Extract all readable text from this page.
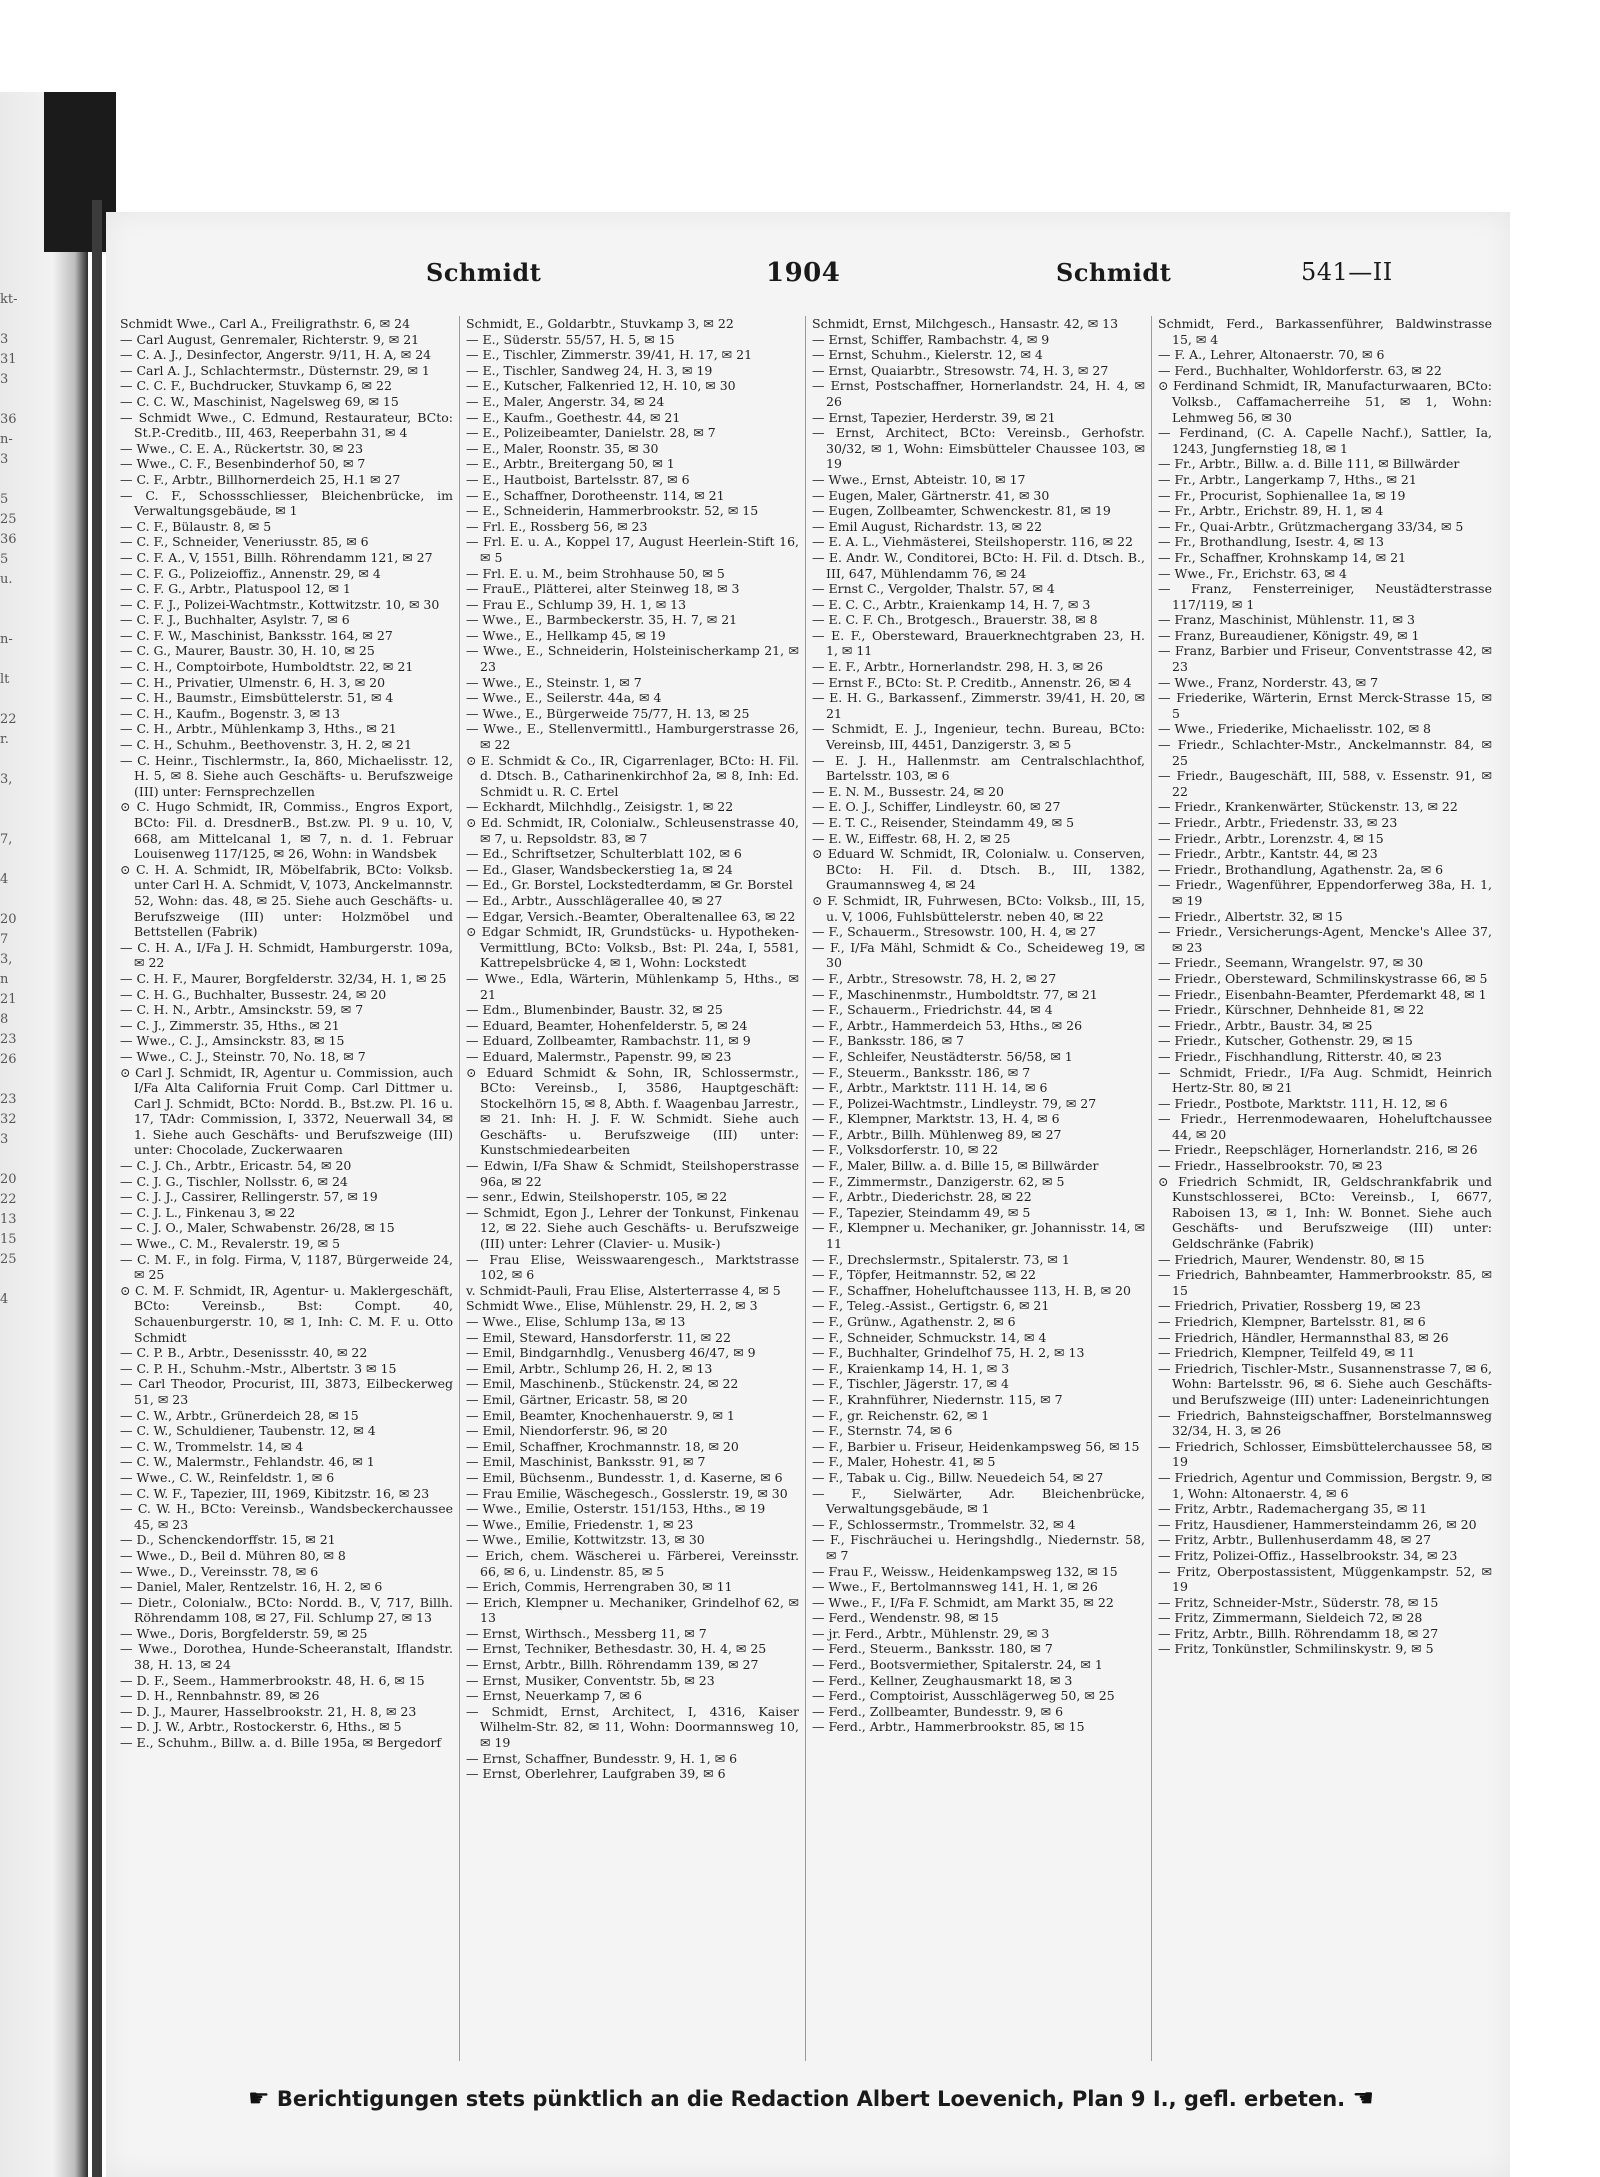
kt-

3
31
3

36
n-
3

5
25
36
5
u.

n-

lt

22
r.

3,

7,

4

20
7
3,
n
21
8
23
26

23
32
3

20
22
13
15
25

4
Schmidt	1904	Schmidt	541—II

Schmidt Wwe., Carl A., Freiligrathstr. 6, ✉ 24

— Carl August, Genremaler, Richterstr. 9, ✉ 21

— C. A. J., Desinfector, Angerstr. 9/11, H. A, ✉ 24

— Carl A. J., Schlachtermstr., Düsternstr. 29, ✉ 1

— C. C. F., Buchdrucker, Stuvkamp 6, ✉ 22

— C. C. W., Maschinist, Nagelsweg 69, ✉ 15

— Schmidt Wwe., C. Edmund, Restaurateur, BCto: St.P.-Creditb., III, 463, Reeperbahn 31, ✉ 4

— Wwe., C. E. A., Rückertstr. 30, ✉ 23

— Wwe., C. F., Besenbinderhof 50, ✉ 7

— C. F., Arbtr., Billhornerdeich 25, H.1 ✉ 27

— C. F., Schossschliesser, Bleichenbrücke, im Verwaltungsgebäude, ✉ 1

— C. F., Bülaustr. 8, ✉ 5

— C. F., Schneider, Veneriusstr. 85, ✉ 6

— C. F. A., V, 1551, Billh. Röhrendamm 121, ✉ 27

— C. F. G., Polizeioffiz., Annenstr. 29, ✉ 4

— C. F. G., Arbtr., Platuspool 12, ✉ 1

— C. F. J., Polizei-Wachtmstr., Kottwitzstr. 10, ✉ 30

— C. F. J., Buchhalter, Asylstr. 7, ✉ 6

— C. F. W., Maschinist, Banksstr. 164, ✉ 27

— C. G., Maurer, Baustr. 30, H. 10, ✉ 25

— C. H., Comptoirbote, Humboldtstr. 22, ✉ 21

— C. H., Privatier, Ulmenstr. 6, H. 3, ✉ 20

— C. H., Baumstr., Eimsbüttelerstr. 51, ✉ 4

— C. H., Kaufm., Bogenstr. 3, ✉ 13

— C. H., Arbtr., Mühlenkamp 3, Hths., ✉ 21

— C. H., Schuhm., Beethovenstr. 3, H. 2, ✉ 21

— C. Heinr., Tischlermstr., Ia, 860, Michaelisstr. 12, H. 5, ✉ 8. Siehe auch Geschäfts- u. Berufszweige (III) unter: Fernsprechzellen

⊙ C. Hugo Schmidt, IR, Commiss., Engros Export, BCto: Fil. d. DresdnerB., Bst.zw. Pl. 9 u. 10, V, 668, am Mittelcanal 1, ✉ 7, n. d. 1. Februar Louisenweg 117/125, ✉ 26, Wohn: in Wandsbek

⊙ C. H. A. Schmidt, IR, Möbelfabrik, BCto: Volksb. unter Carl H. A. Schmidt, V, 1073, Anckelmannstr. 52, Wohn: das. 48, ✉ 25. Siehe auch Geschäfts- u. Berufszweige (III) unter: Holzmöbel und Bettstellen (Fabrik)

— C. H. A., I/Fa J. H. Schmidt, Hamburgerstr. 109a, ✉ 22

— C. H. F., Maurer, Borgfelderstr. 32/34, H. 1, ✉ 25

— C. H. G., Buchhalter, Bussestr. 24, ✉ 20

— C. H. N., Arbtr., Amsinckstr. 59, ✉ 7

— C. J., Zimmerstr. 35, Hths., ✉ 21

— Wwe., C. J., Amsinckstr. 83, ✉ 15

— Wwe., C. J., Steinstr. 70, No. 18, ✉ 7

⊙ Carl J. Schmidt, IR, Agentur u. Commission, auch I/Fa Alta California Fruit Comp. Carl Dittmer u. Carl J. Schmidt, BCto: Nordd. B., Bst.zw. Pl. 16 u. 17, TAdr: Commission, I, 3372, Neuerwall 34, ✉ 1. Siehe auch Geschäfts- und Berufszweige (III) unter: Chocolade, Zuckerwaaren

— C. J. Ch., Arbtr., Ericastr. 54, ✉ 20

— C. J. G., Tischler, Nollsstr. 6, ✉ 24

— C. J. J., Cassirer, Rellingerstr. 57, ✉ 19

— C. J. L., Finkenau 3, ✉ 22

— C. J. O., Maler, Schwabenstr. 26/28, ✉ 15

— Wwe., C. M., Revalerstr. 19, ✉ 5

— C. M. F., in folg. Firma, V, 1187, Bürgerweide 24, ✉ 25

⊙ C. M. F. Schmidt, IR, Agentur- u. Maklergeschäft, BCto: Vereinsb., Bst: Compt. 40, Schauenburgerstr. 10, ✉ 1, Inh: C. M. F. u. Otto Schmidt

— C. P. B., Arbtr., Desenissstr. 40, ✉ 22

— C. P. H., Schuhm.-Mstr., Albertstr. 3 ✉ 15

— Carl Theodor, Procurist, III, 3873, Eilbeckerweg 51, ✉ 23

— C. W., Arbtr., Grünerdeich 28, ✉ 15

— C. W., Schuldiener, Taubenstr. 12, ✉ 4

— C. W., Trommelstr. 14, ✉ 4

— C. W., Malermstr., Fehlandstr. 46, ✉ 1

— Wwe., C. W., Reinfeldstr. 1, ✉ 6

— C. W. F., Tapezier, III, 1969, Kibitzstr. 16, ✉ 23

— C. W. H., BCto: Vereinsb., Wandsbeckerchaussee 45, ✉ 23

— D., Schenckendorffstr. 15, ✉ 21

— Wwe., D., Beil d. Mühren 80, ✉ 8

— Wwe., D., Vereinsstr. 78, ✉ 6

— Daniel, Maler, Rentzelstr. 16, H. 2, ✉ 6

— Dietr., Colonialw., BCto: Nordd. B., V, 717, Billh. Röhrendamm 108, ✉ 27, Fil. Schlump 27, ✉ 13

— Wwe., Doris, Borgfelderstr. 59, ✉ 25

— Wwe., Dorothea, Hunde-Scheeranstalt, Iflandstr. 38, H. 13, ✉ 24

— D. F., Seem., Hammerbrookstr. 48, H. 6, ✉ 15

— D. H., Rennbahnstr. 89, ✉ 26

— D. J., Maurer, Hasselbrookstr. 21, H. 8, ✉ 23

— D. J. W., Arbtr., Rostockerstr. 6, Hths., ✉ 5

— E., Schuhm., Billw. a. d. Bille 195a, ✉ Bergedorf

Schmidt, E., Goldarbtr., Stuvkamp 3, ✉ 22

— E., Süderstr. 55/57, H. 5, ✉ 15

— E., Tischler, Zimmerstr. 39/41, H. 17, ✉ 21

— E., Tischler, Sandweg 24, H. 3, ✉ 19

— E., Kutscher, Falkenried 12, H. 10, ✉ 30

— E., Maler, Angerstr. 34, ✉ 24

— E., Kaufm., Goethestr. 44, ✉ 21

— E., Polizeibeamter, Danielstr. 28, ✉ 7

— E., Maler, Roonstr. 35, ✉ 30

— E., Arbtr., Breitergang 50, ✉ 1

— E., Hautboist, Bartelsstr. 87, ✉ 6

— E., Schaffner, Dorotheenstr. 114, ✉ 21

— E., Schneiderin, Hammerbrookstr. 52, ✉ 15

— Frl. E., Rossberg 56, ✉ 23

— Frl. E. u. A., Koppel 17, August Heerlein-Stift 16, ✉ 5

— Frl. E. u. M., beim Strohhause 50, ✉ 5

— FrauE., Plätterei, alter Steinweg 18, ✉ 3

— Frau E., Schlump 39, H. 1, ✉ 13

— Wwe., E., Barmbeckerstr. 35, H. 7, ✉ 21

— Wwe., E., Hellkamp 45, ✉ 19

— Wwe., E., Schneiderin, Holsteinischerkamp 21, ✉ 23

— Wwe., E., Steinstr. 1, ✉ 7

— Wwe., E., Seilerstr. 44a, ✉ 4

— Wwe., E., Bürgerweide 75/77, H. 13, ✉ 25

— Wwe., E., Stellenvermittl., Hamburgerstrasse 26, ✉ 22

⊙ E. Schmidt & Co., IR, Cigarrenlager, BCto: H. Fil. d. Dtsch. B., Catharinenkirchhof 2a, ✉ 8, Inh: Ed. Schmidt u. R. C. Ertel

— Eckhardt, Milchhdlg., Zeisigstr. 1, ✉ 22

⊙ Ed. Schmidt, IR, Colonialw., Schleusenstrasse 40, ✉ 7, u. Repsoldstr. 83, ✉ 7

— Ed., Schriftsetzer, Schulterblatt 102, ✉ 6

— Ed., Glaser, Wandsbeckerstieg 1a, ✉ 24

— Ed., Gr. Borstel, Lockstedterdamm, ✉ Gr. Borstel

— Ed., Arbtr., Ausschlägerallee 40, ✉ 27

— Edgar, Versich.-Beamter, Oberaltenallee 63, ✉ 22

⊙ Edgar Schmidt, IR, Grundstücks- u. Hypotheken-Vermittlung, BCto: Volksb., Bst: Pl. 24a, I, 5581, Kattrepelsbrücke 4, ✉ 1, Wohn: Lockstedt

— Wwe., Edla, Wärterin, Mühlenkamp 5, Hths., ✉ 21

— Edm., Blumenbinder, Baustr. 32, ✉ 25

— Eduard, Beamter, Hohenfelderstr. 5, ✉ 24

— Eduard, Zollbeamter, Rambachstr. 11, ✉ 9

— Eduard, Malermstr., Papenstr. 99, ✉ 23

⊙ Eduard Schmidt & Sohn, IR, Schlossermstr., BCto: Vereinsb., I, 3586, Hauptgeschäft: Stockelhörn 15, ✉ 8, Abth. f. Waagenbau Jarrestr., ✉ 21. Inh: H. J. F. W. Schmidt. Siehe auch Geschäfts- u. Berufszweige (III) unter: Kunstschmiedearbeiten

— Edwin, I/Fa Shaw & Schmidt, Steilshoperstrasse 96a, ✉ 22

— senr., Edwin, Steilshoperstr. 105, ✉ 22

— Schmidt, Egon J., Lehrer der Tonkunst, Finkenau 12, ✉ 22. Siehe auch Geschäfts- u. Berufszweige (III) unter: Lehrer (Clavier- u. Musik-)

— Frau Elise, Weisswaarengesch., Marktstrasse 102, ✉ 6

v. Schmidt-Pauli, Frau Elise, Alsterterrasse 4, ✉ 5

Schmidt Wwe., Elise, Mühlenstr. 29, H. 2, ✉ 3

— Wwe., Elise, Schlump 13a, ✉ 13

— Emil, Steward, Hansdorferstr. 11, ✉ 22

— Emil, Bindgarnhdlg., Venusberg 46/47, ✉ 9

— Emil, Arbtr., Schlump 26, H. 2, ✉ 13

— Emil, Maschinenb., Stückenstr. 24, ✉ 22

— Emil, Gärtner, Ericastr. 58, ✉ 20

— Emil, Beamter, Knochenhauerstr. 9, ✉ 1

— Emil, Niendorferstr. 96, ✉ 20

— Emil, Schaffner, Krochmannstr. 18, ✉ 20

— Emil, Maschinist, Banksstr. 91, ✉ 7

— Emil, Büchsenm., Bundesstr. 1, d. Kaserne, ✉ 6

— Frau Emilie, Wäschegesch., Gosslerstr. 19, ✉ 30

— Wwe., Emilie, Osterstr. 151/153, Hths., ✉ 19

— Wwe., Emilie, Friedenstr. 1, ✉ 23

— Wwe., Emilie, Kottwitzstr. 13, ✉ 30

— Erich, chem. Wäscherei u. Färberei, Vereinsstr. 66, ✉ 6, u. Lindenstr. 85, ✉ 5

— Erich, Commis, Herrengraben 30, ✉ 11

— Erich, Klempner u. Mechaniker, Grindelhof 62, ✉ 13

— Ernst, Wirthsch., Messberg 11, ✉ 7

— Ernst, Techniker, Bethesdastr. 30, H. 4, ✉ 25

— Ernst, Arbtr., Billh. Röhrendamm 139, ✉ 27

— Ernst, Musiker, Conventstr. 5b, ✉ 23

— Ernst, Neuerkamp 7, ✉ 6

— Schmidt, Ernst, Architect, I, 4316, Kaiser Wilhelm-Str. 82, ✉ 11, Wohn: Doormannsweg 10, ✉ 19

— Ernst, Schaffner, Bundesstr. 9, H. 1, ✉ 6

— Ernst, Oberlehrer, Laufgraben 39, ✉ 6

Schmidt, Ernst, Milchgesch., Hansastr. 42, ✉ 13

— Ernst, Schiffer, Rambachstr. 4, ✉ 9

— Ernst, Schuhm., Kielerstr. 12, ✉ 4

— Ernst, Quaiarbtr., Stresowstr. 74, H. 3, ✉ 27

— Ernst, Postschaffner, Hornerlandstr. 24, H. 4, ✉ 26

— Ernst, Tapezier, Herderstr. 39, ✉ 21

— Ernst, Architect, BCto: Vereinsb., Gerhofstr. 30/32, ✉ 1, Wohn: Eimsbütteler Chaussee 103, ✉ 19

— Wwe., Ernst, Abteistr. 10, ✉ 17

— Eugen, Maler, Gärtnerstr. 41, ✉ 30

— Eugen, Zollbeamter, Schwenckestr. 81, ✉ 19

— Emil August, Richardstr. 13, ✉ 22

— E. A. L., Viehmästerei, Steilshoperstr. 116, ✉ 22

— E. Andr. W., Conditorei, BCto: H. Fil. d. Dtsch. B., III, 647, Mühlendamm 76, ✉ 24

— Ernst C., Vergolder, Thalstr. 57, ✉ 4

— E. C. C., Arbtr., Kraienkamp 14, H. 7, ✉ 3

— E. C. F. Ch., Brotgesch., Brauerstr. 38, ✉ 8

— E. F., Obersteward, Brauerknechtgraben 23, H. 1, ✉ 11

— E. F., Arbtr., Hornerlandstr. 298, H. 3, ✉ 26

— Ernst F., BCto: St. P. Creditb., Annenstr. 26, ✉ 4

— E. H. G., Barkassenf., Zimmerstr. 39/41, H. 20, ✉ 21

— Schmidt, E. J., Ingenieur, techn. Bureau, BCto: Vereinsb, III, 4451, Danzigerstr. 3, ✉ 5

— E. J. H., Hallenmstr. am Centralschlachthof, Bartelsstr. 103, ✉ 6

— E. N. M., Bussestr. 24, ✉ 20

— E. O. J., Schiffer, Lindleystr. 60, ✉ 27

— E. T. C., Reisender, Steindamm 49, ✉ 5

— E. W., Eiffestr. 68, H. 2, ✉ 25

⊙ Eduard W. Schmidt, IR, Colonialw. u. Conserven, BCto: H. Fil. d. Dtsch. B., III, 1382, Graumannsweg 4, ✉ 24

⊙ F. Schmidt, IR, Fuhrwesen, BCto: Volksb., III, 15, u. V, 1006, Fuhlsbüttelerstr. neben 40, ✉ 22

— F., Schauerm., Stresowstr. 100, H. 4, ✉ 27

— F., I/Fa Mähl, Schmidt & Co., Scheideweg 19, ✉ 30

— F., Arbtr., Stresowstr. 78, H. 2, ✉ 27

— F., Maschinenmstr., Humboldtstr. 77, ✉ 21

— F., Schauerm., Friedrichstr. 44, ✉ 4

— F., Arbtr., Hammerdeich 53, Hths., ✉ 26

— F., Banksstr. 186, ✉ 7

— F., Schleifer, Neustädterstr. 56/58, ✉ 1

— F., Steuerm., Banksstr. 186, ✉ 7

— F., Arbtr., Marktstr. 111 H. 14, ✉ 6

— F., Polizei-Wachtmstr., Lindleystr. 79, ✉ 27

— F., Klempner, Marktstr. 13, H. 4, ✉ 6

— F., Arbtr., Billh. Mühlenweg 89, ✉ 27

— F., Volksdorferstr. 10, ✉ 22

— F., Maler, Billw. a. d. Bille 15, ✉ Billwärder

— F., Zimmermstr., Danzigerstr. 62, ✉ 5

— F., Arbtr., Diederichstr. 28, ✉ 22

— F., Tapezier, Steindamm 49, ✉ 5

— F., Klempner u. Mechaniker, gr. Johannisstr. 14, ✉ 11

— F., Drechslermstr., Spitalerstr. 73, ✉ 1

— F., Töpfer, Heitmannstr. 52, ✉ 22

— F., Schaffner, Hoheluftchaussee 113, H. B, ✉ 20

— F., Teleg.-Assist., Gertigstr. 6, ✉ 21

— F., Grünw., Agathenstr. 2, ✉ 6

— F., Schneider, Schmuckstr. 14, ✉ 4

— F., Buchhalter, Grindelhof 75, H. 2, ✉ 13

— F., Kraienkamp 14, H. 1, ✉ 3

— F., Tischler, Jägerstr. 17, ✉ 4

— F., Krahnführer, Niedernstr. 115, ✉ 7

— F., gr. Reichenstr. 62, ✉ 1

— F., Sternstr. 74, ✉ 6

— F., Barbier u. Friseur, Heidenkampsweg 56, ✉ 15

— F., Maler, Hohestr. 41, ✉ 5

— F., Tabak u. Cig., Billw. Neuedeich 54, ✉ 27

— F., Sielwärter, Adr. Bleichenbrücke, Verwaltungsgebäude, ✉ 1

— F., Schlossermstr., Trommelstr. 32, ✉ 4

— F., Fischräuchei u. Heringshdlg., Niedernstr. 58, ✉ 7

— Frau F., Weissw., Heidenkampsweg 132, ✉ 15

— Wwe., F., Bertolmannsweg 141, H. 1, ✉ 26

— Wwe., F., I/Fa F. Schmidt, am Markt 35, ✉ 22

— Ferd., Wendenstr. 98, ✉ 15

— jr. Ferd., Arbtr., Mühlenstr. 29, ✉ 3

— Ferd., Steuerm., Banksstr. 180, ✉ 7

— Ferd., Bootsvermiether, Spitalerstr. 24, ✉ 1

— Ferd., Kellner, Zeughausmarkt 18, ✉ 3

— Ferd., Comptoirist, Ausschlägerweg 50, ✉ 25

— Ferd., Zollbeamter, Bundesstr. 9, ✉ 6

— Ferd., Arbtr., Hammerbrookstr. 85, ✉ 15

Schmidt, Ferd., Barkassenführer, Baldwinstrasse 15, ✉ 4

— F. A., Lehrer, Altonaerstr. 70, ✉ 6

— Ferd., Buchhalter, Wohldorferstr. 63, ✉ 22

⊙ Ferdinand Schmidt, IR, Manufacturwaaren, BCto: Volksb., Caffamacherreihe 51, ✉ 1, Wohn: Lehmweg 56, ✉ 30

— Ferdinand, (C. A. Capelle Nachf.), Sattler, Ia, 1243, Jungfernstieg 18, ✉ 1

— Fr., Arbtr., Billw. a. d. Bille 111, ✉ Billwärder

— Fr., Arbtr., Langerkamp 7, Hths., ✉ 21

— Fr., Procurist, Sophienallee 1a, ✉ 19

— Fr., Arbtr., Erichstr. 89, H. 1, ✉ 4

— Fr., Quai-Arbtr., Grützmachergang 33/34, ✉ 5

— Fr., Brothandlung, Isestr. 4, ✉ 13

— Fr., Schaffner, Krohnskamp 14, ✉ 21

— Wwe., Fr., Erichstr. 63, ✉ 4

— Franz, Fensterreiniger, Neustädterstrasse 117/119, ✉ 1

— Franz, Maschinist, Mühlenstr. 11, ✉ 3

— Franz, Bureaudiener, Königstr. 49, ✉ 1

— Franz, Barbier und Friseur, Conventstrasse 42, ✉ 23

— Wwe., Franz, Norderstr. 43, ✉ 7

— Friederike, Wärterin, Ernst Merck-Strasse 15, ✉ 5

— Wwe., Friederike, Michaelisstr. 102, ✉ 8

— Friedr., Schlachter-Mstr., Anckelmannstr. 84, ✉ 25

— Friedr., Baugeschäft, III, 588, v. Essenstr. 91, ✉ 22

— Friedr., Krankenwärter, Stückenstr. 13, ✉ 22

— Friedr., Arbtr., Friedenstr. 33, ✉ 23

— Friedr., Arbtr., Lorenzstr. 4, ✉ 15

— Friedr., Arbtr., Kantstr. 44, ✉ 23

— Friedr., Brothandlung, Agathenstr. 2a, ✉ 6

— Friedr., Wagenführer, Eppendorferweg 38a, H. 1, ✉ 19

— Friedr., Albertstr. 32, ✉ 15

— Friedr., Versicherungs-Agent, Mencke's Allee 37, ✉ 23

— Friedr., Seemann, Wrangelstr. 97, ✉ 30

— Friedr., Obersteward, Schmilinskystrasse 66, ✉ 5

— Friedr., Eisenbahn-Beamter, Pferdemarkt 48, ✉ 1

— Friedr., Kürschner, Dehnheide 81, ✉ 22

— Friedr., Arbtr., Baustr. 34, ✉ 25

— Friedr., Kutscher, Gothenstr. 29, ✉ 15

— Friedr., Fischhandlung, Ritterstr. 40, ✉ 23

— Schmidt, Friedr., I/Fa Aug. Schmidt, Heinrich Hertz-Str. 80, ✉ 21

— Friedr., Postbote, Marktstr. 111, H. 12, ✉ 6

— Friedr., Herrenmodewaaren, Hoheluftchaussee 44, ✉ 20

— Friedr., Reepschläger, Hornerlandstr. 216, ✉ 26

— Friedr., Hasselbrookstr. 70, ✉ 23

⊙ Friedrich Schmidt, IR, Geldschrankfabrik und Kunstschlosserei, BCto: Vereinsb., I, 6677, Raboisen 13, ✉ 1, Inh: W. Bonnet. Siehe auch Geschäfts- und Berufszweige (III) unter: Geldschränke (Fabrik)

— Friedrich, Maurer, Wendenstr. 80, ✉ 15

— Friedrich, Bahnbeamter, Hammerbrookstr. 85, ✉ 15

— Friedrich, Privatier, Rossberg 19, ✉ 23

— Friedrich, Klempner, Bartelsstr. 81, ✉ 6

— Friedrich, Händler, Hermannsthal 83, ✉ 26

— Friedrich, Klempner, Teilfeld 49, ✉ 11

— Friedrich, Tischler-Mstr., Susannenstrasse 7, ✉ 6, Wohn: Bartelsstr. 96, ✉ 6. Siehe auch Geschäfts- und Berufszweige (III) unter: Ladeneinrichtungen

— Friedrich, Bahnsteigschaffner, Borstelmannsweg 32/34, H. 3, ✉ 26

— Friedrich, Schlosser, Eimsbüttelerchaussee 58, ✉ 19

— Friedrich, Agentur und Commission, Bergstr. 9, ✉ 1, Wohn: Altonaerstr. 4, ✉ 6

— Fritz, Arbtr., Rademachergang 35, ✉ 11

— Fritz, Hausdiener, Hammersteindamm 26, ✉ 20

— Fritz, Arbtr., Bullenhuserdamm 48, ✉ 27

— Fritz, Polizei-Offiz., Hasselbrookstr. 34, ✉ 23

— Fritz, Oberpostassistent, Müggenkampstr. 52, ✉ 19

— Fritz, Schneider-Mstr., Süderstr. 78, ✉ 15

— Fritz, Zimmermann, Sieldeich 72, ✉ 28

— Fritz, Arbtr., Billh. Röhrendamm 18, ✉ 27

— Fritz, Tonkünstler, Schmilinskystr. 9, ✉ 5

☛ Berichtigungen stets pünktlich an die Redaction Albert Loevenich, Plan 9 I., gefl. erbeten. ☚
